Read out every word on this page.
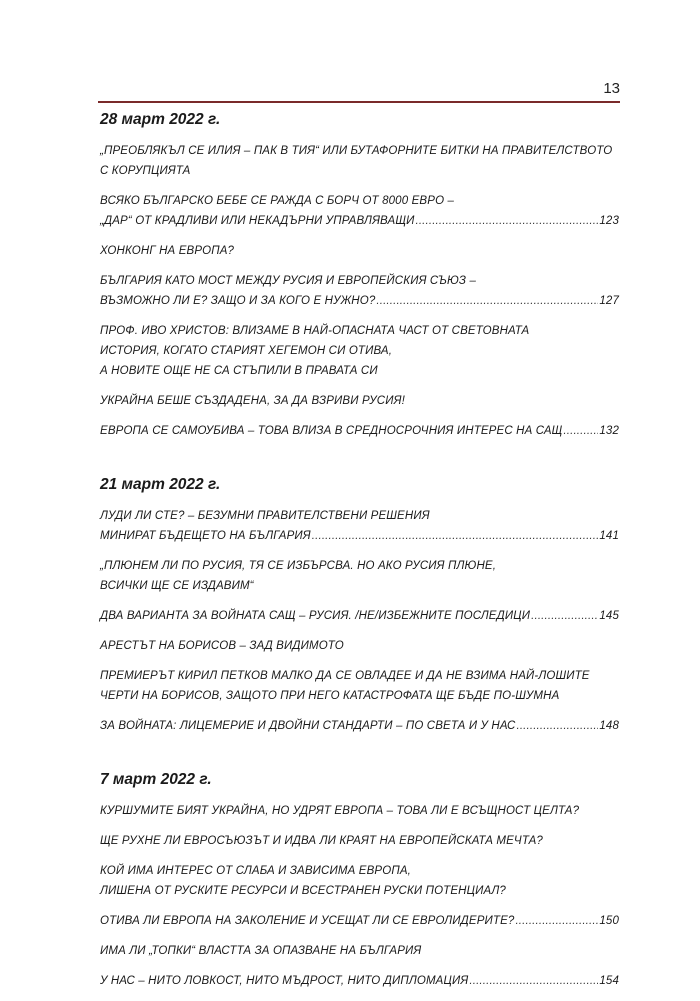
13
28 март 2022 г.
„ПРЕОБЛЯКЪЛ СЕ ИЛИЯ – ПАК В ТИЯ“ ИЛИ БУТАФОРНИТЕ БИТКИ НА ПРАВИТЕЛСТВОТО
С КОРУПЦИЯТА
ВСЯКО БЪЛГАРСКО БЕБЕ СЕ РАЖДА С БОРЧ ОТ 8000 ЕВРО –
„ДАР“ ОТ КРАДЛИВИ ИЛИ НЕКАДЪРНИ УПРАВЛЯВАЩИ .....	123
ХОНКОНГ НА ЕВРОПА?
БЪЛГАРИЯ КАТО МОСТ МЕЖДУ РУСИЯ И ЕВРОПЕЙСКИЯ СЪЮЗ –
ВЪЗМОЖНО ЛИ Е? ЗАЩО И ЗА КОГО Е НУЖНО? .....	127
ПРОФ. ИВО ХРИСТОВ: ВЛИЗАМЕ В НАЙ-ОПАСНАТА ЧАСТ ОТ СВЕТОВНАТА
ИСТОРИЯ, КОГАТО СТАРИЯТ ХЕГЕМОН СИ ОТИВА,
А НОВИТЕ ОЩЕ НЕ СА СТЪПИЛИ В ПРАВАТА СИ
УКРАЙНА БЕШЕ СЪЗДАДЕНА, ЗА ДА ВЗРИВИ РУСИЯ!
ЕВРОПА СЕ САМОУБИВА – ТОВА ВЛИЗА В СРЕДНОСРОЧНИЯ ИНТЕРЕС НА САЩ .....	132
21 март 2022 г.
ЛУДИ ЛИ СТЕ? – БЕЗУМНИ ПРАВИТЕЛСТВЕНИ РЕШЕНИЯ
МИНИРАТ БЪДЕЩЕТО НА БЪЛГАРИЯ .....	141
„ПЛЮНЕМ ЛИ ПО РУСИЯ, ТЯ СЕ ИЗБЪРСВА. НО АКО РУСИЯ ПЛЮНЕ,
ВСИЧКИ ЩЕ СЕ ИЗДАВИМ“
ДВА ВАРИАНТА ЗА ВОЙНАТА САЩ – РУСИЯ. /НЕ/ИЗБЕЖНИТЕ ПОСЛЕДИЦИ .....	145
АРЕСТЪТ НА БОРИСОВ – ЗАД ВИДИМОТО
ПРЕМИЕРЪТ КИРИЛ ПЕТКОВ МАЛКО ДА СЕ ОВЛАДЕЕ И ДА НЕ ВЗИМА НАЙ-ЛОШИТЕ
ЧЕРТИ НА БОРИСОВ, ЗАЩОТО ПРИ НЕГО КАТАСТРОФАТА ЩЕ БЪДЕ ПО-ШУМНА
ЗА ВОЙНАТА: ЛИЦЕМЕРИЕ И ДВОЙНИ СТАНДАРТИ – ПО СВЕТА И У НАС .....	148
7 март 2022 г.
КУРШУМИТЕ БИЯТ УКРАЙНА, НО УДРЯТ ЕВРОПА – ТОВА ЛИ Е ВСЪЩНОСТ ЦЕЛТА?
ЩЕ РУХНЕ ЛИ ЕВРОСЪЮЗЪТ И ИДВА ЛИ КРАЯТ НА ЕВРОПЕЙСКАТА МЕЧТА?
КОЙ ИМА ИНТЕРЕС ОТ СЛАБА И ЗАВИСИМА ЕВРОПА,
ЛИШЕНА ОТ РУСКИТЕ РЕСУРСИ И ВСЕСТРАНЕН РУСКИ ПОТЕНЦИАЛ?
ОТИВА ЛИ ЕВРОПА НА ЗАКОЛЕНИЕ И УСЕЩАТ ЛИ СЕ ЕВРОЛИДЕРИТЕ? .....	150
ИМА ЛИ „ТОПКИ“ ВЛАСТТА ЗА ОПАЗВАНЕ НА БЪЛГАРИЯ
У НАС – НИТО ЛОВКОСТ, НИТО МЪДРОСТ, НИТО ДИПЛОМАЦИЯ .....	154
